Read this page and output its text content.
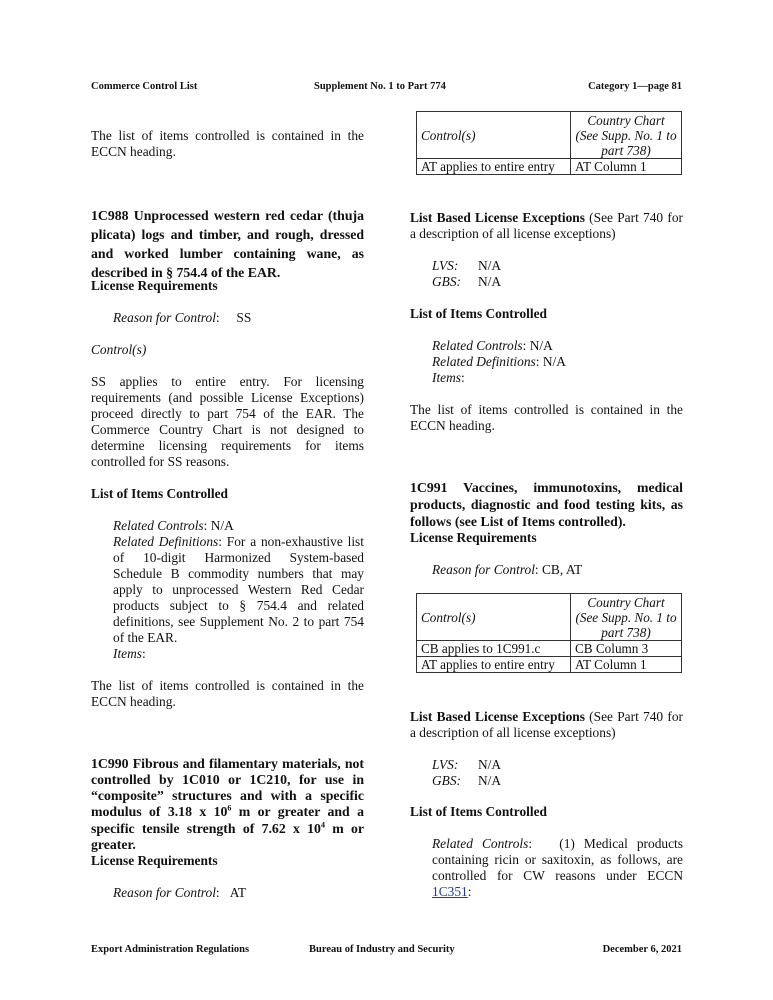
Commerce Control List	Supplement No. 1 to Part 774	Category 1—page 81

The list of items controlled is contained in the ECCN heading.

1C988 Unprocessed western red cedar (thuja plicata) logs and timber, and rough, dressed and worked lumber containing wane, as described in § 754.4 of the EAR.

License Requirements

Reason for Control:     SS

Control(s)

SS applies to entire entry. For licensing requirements (and possible License Exceptions) proceed directly to part 754 of the EAR. The Commerce Country Chart is not designed to determine licensing requirements for items controlled for SS reasons.

List of Items Controlled

Related Controls: N/A

Related Definitions: For a non-exhaustive list of 10-digit Harmonized System-based Schedule B commodity numbers that may apply to unprocessed Western Red Cedar products subject to § 754.4 and related definitions, see Supplement No. 2 to part 754 of the EAR.

Items:

The list of items controlled is contained in the ECCN heading.

1C990 Fibrous and filamentary materials, not controlled by 1C010 or 1C210, for use in “composite” structures and with a specific modulus of 3.18 x $10^6$ m or greater and a specific tensile strength of 7.62 x $10^4$ m or greater.

License Requirements

Reason for Control:   AT

Control(s)	Country Chart (See Supp. No. 1 to part 738)
AT applies to entire entry	AT Column 1

List Based License Exceptions (See Part 740 for a description of all license exceptions)

LVS: N/A

GBS: N/A

List of Items Controlled

Related Controls: N/A

Related Definitions: N/A

Items:

The list of items controlled is contained in the ECCN heading.

1C991 Vaccines, immunotoxins, medical products, diagnostic and food testing kits, as follows (see List of Items controlled).

License Requirements

Reason for Control: CB, AT

Control(s)	Country Chart (See Supp. No. 1 to part 738)
CB applies to 1C991.c	CB Column 3
AT applies to entire entry	AT Column 1

List Based License Exceptions (See Part 740 for a description of all license exceptions)

LVS: N/A

GBS: N/A

List of Items Controlled

Related Controls:   (1) Medical products containing ricin or saxitoxin, as follows, are controlled for CW reasons under ECCN 1C351:

Export Administration Regulations	Bureau of Industry and Security	December 6, 2021
